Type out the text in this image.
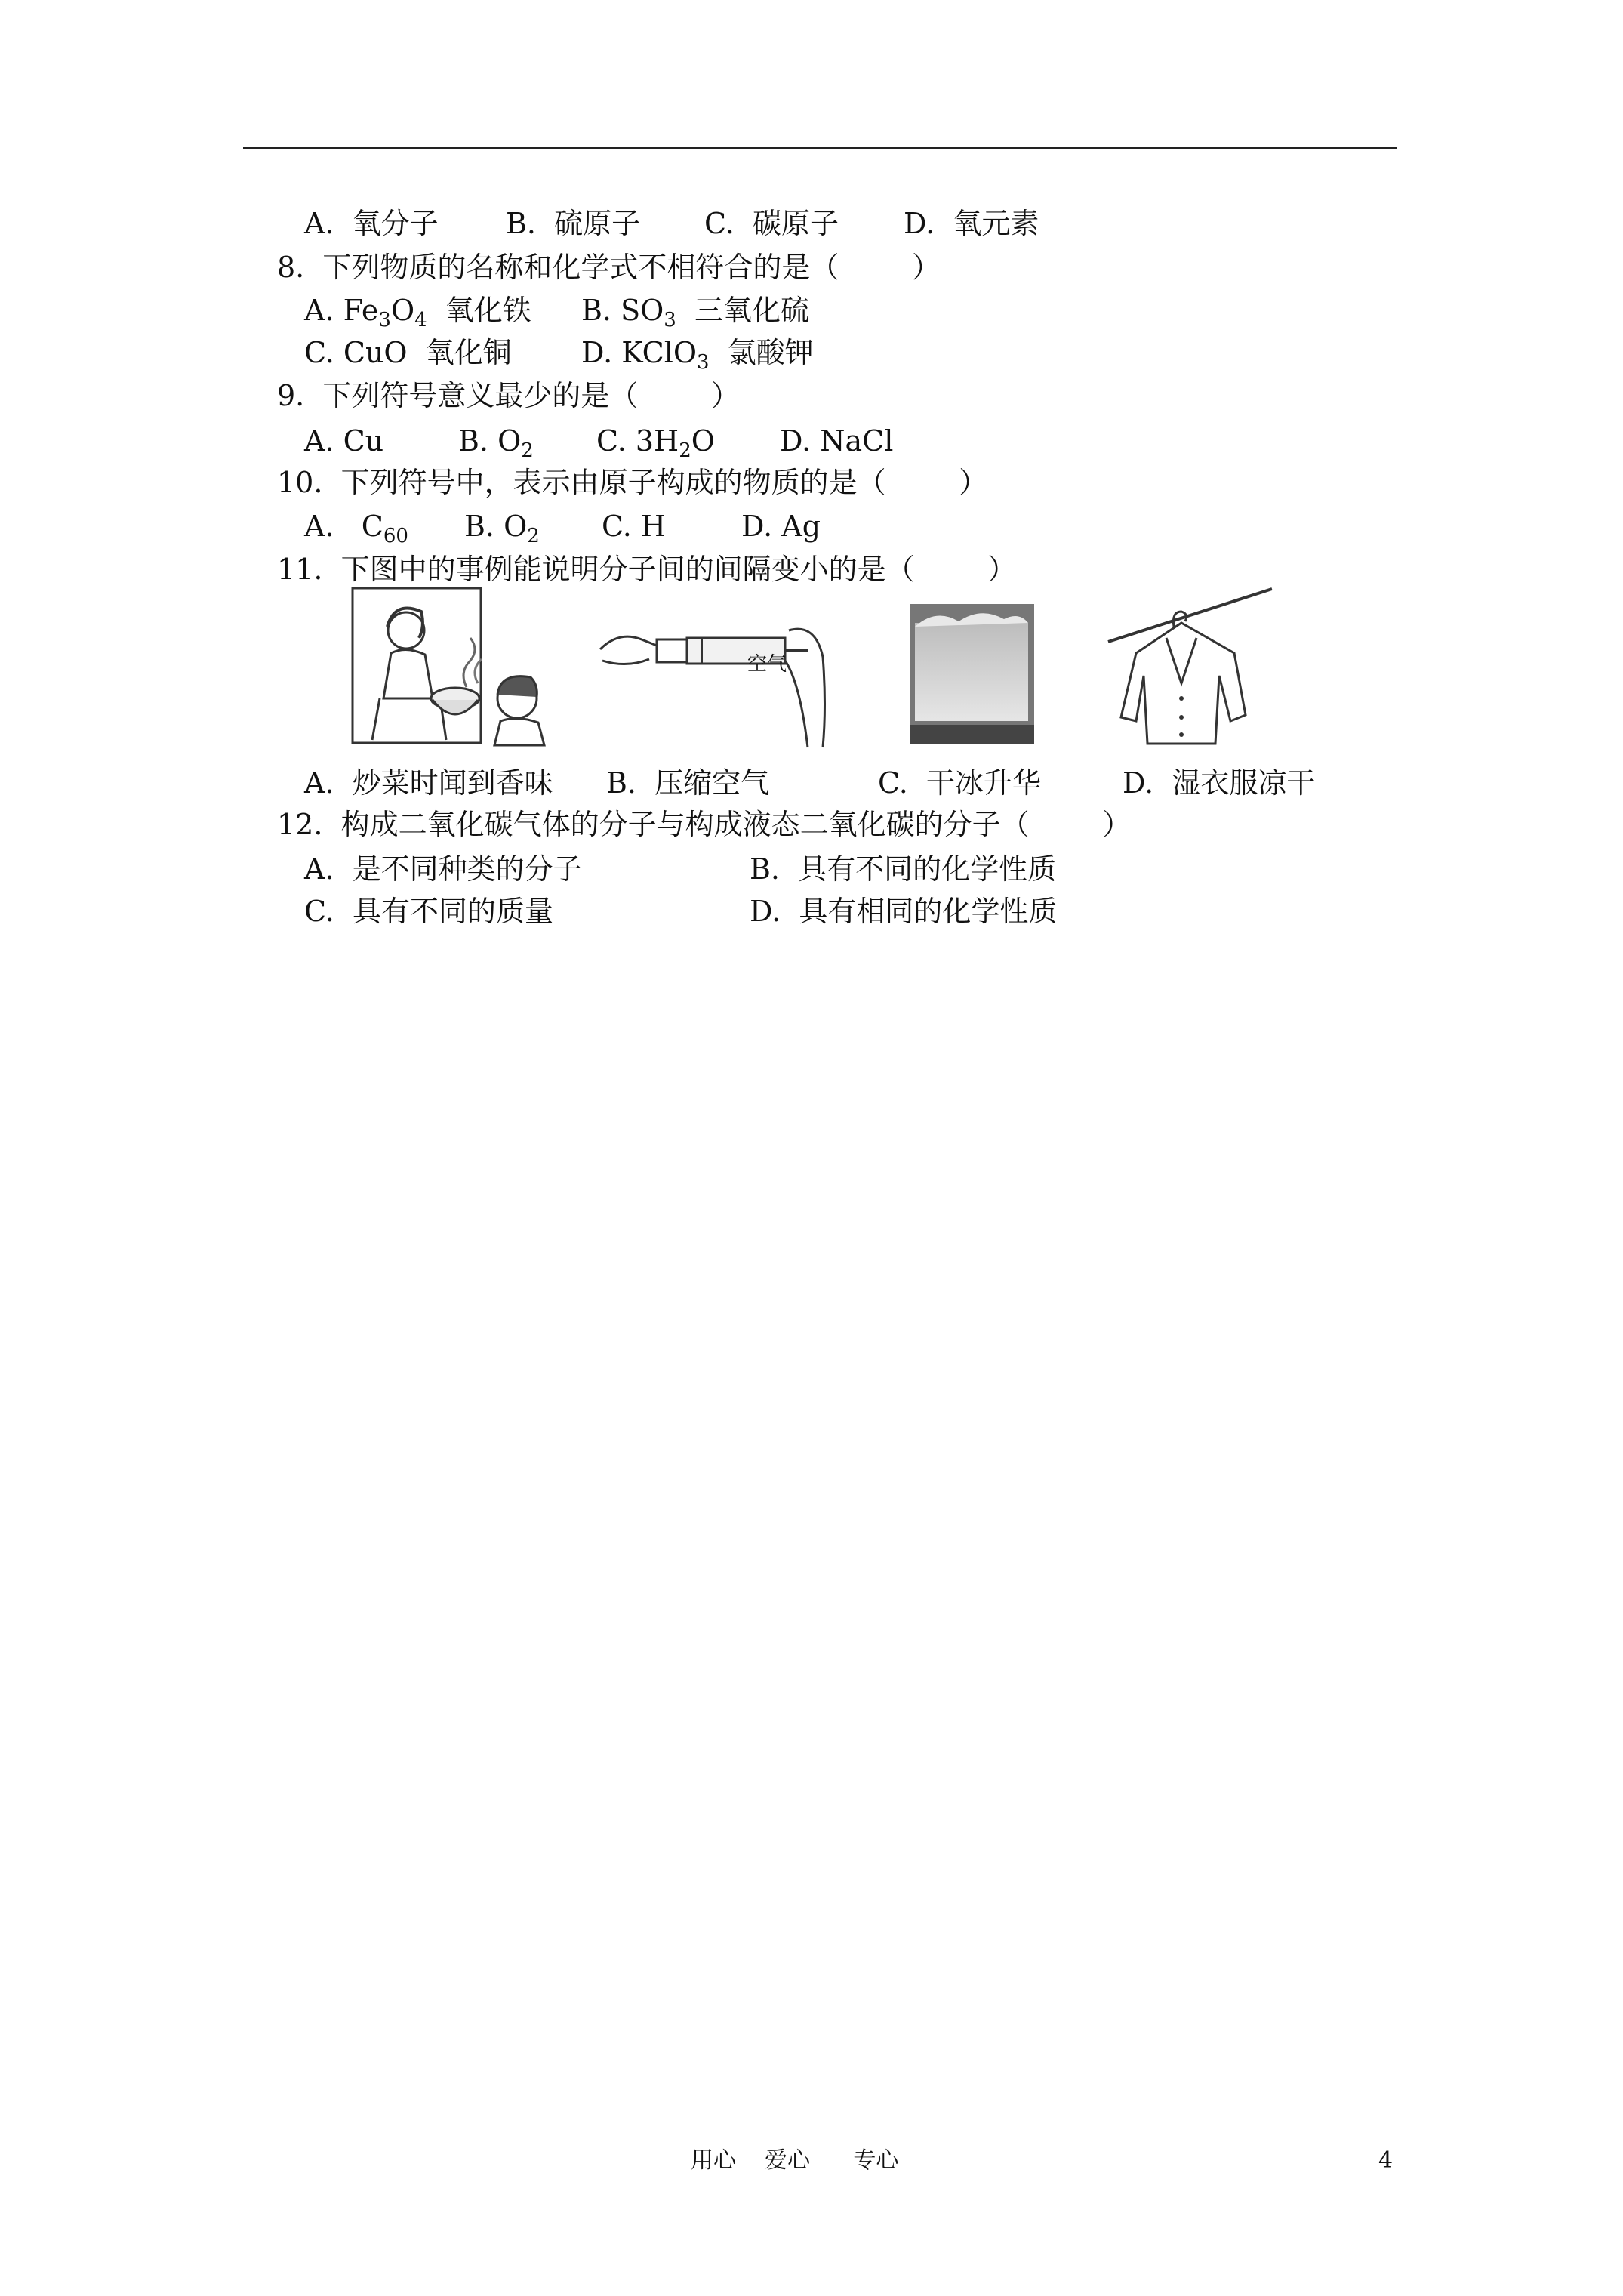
A.  氧分子 B.  硫原子 C.  碳原子 D.  氧元素
8.  下列物质的名称和化学式不相符合的是（        ）
A. $Fe_3O_4$  氧化铁 B. $SO_3$  三氧化硫
C. CuO  氧化铜 D. KClO$_3$  氯酸钾
9.  下列符号意义最少的是（        ）
A. Cu	B. $O_2$ C. $3H_2O$ D. NaCl
10.  下列符号中，表示由原子构成的物质的是（        ）
A.   $C_{60}$ B. $O_2$ C. H	D. Ag
11.  下图中的事例能说明分子间的间隔变小的是（        ）
空气
A.  炒菜时闻到香味 B.  压缩空气	C.  干冰升华	D.  湿衣服凉干
12.  构成二氧化碳气体的分子与构成液态二氧化碳的分子（        ）
A.  是不同种类的分子	B.  具有不同的化学性质
C.  具有不同的质量	D.  具有相同的化学性质
用心    爱心      专心	4
